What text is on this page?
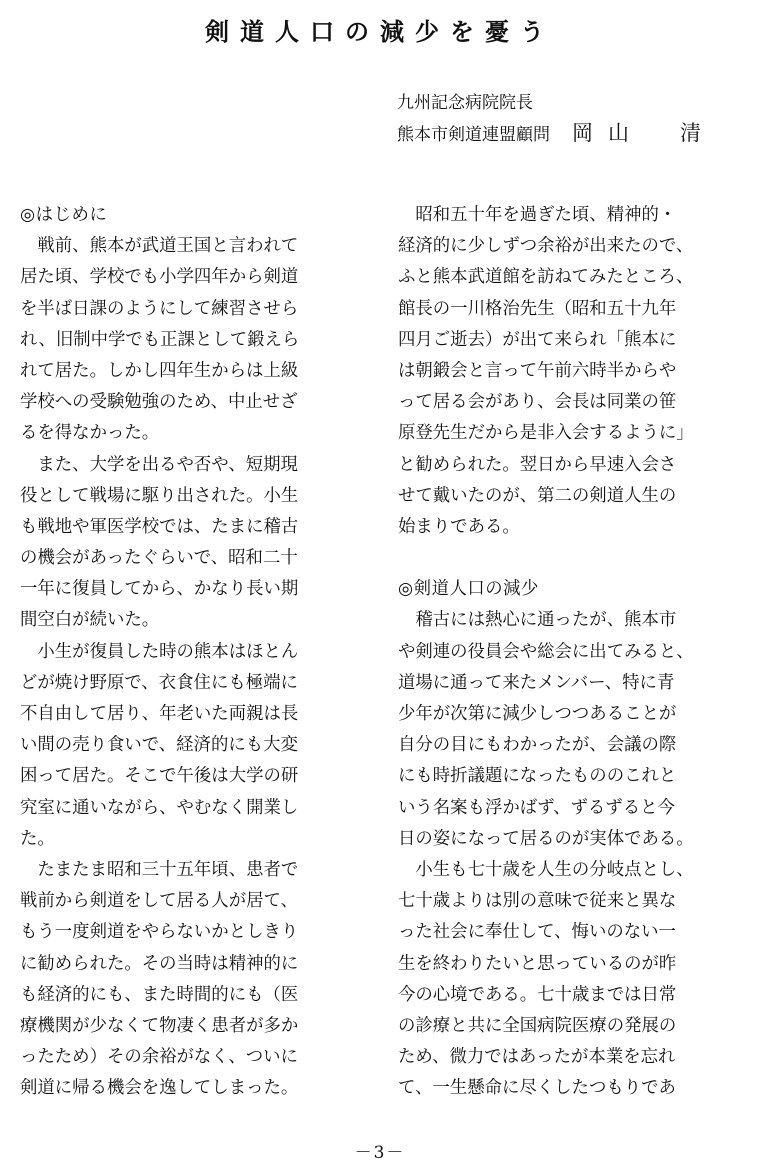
剣道人口の減少を憂う
九州記念病院院長
熊本市剣道連盟顧問 岡山　清
◎はじめに
　戦前、熊本が武道王国と言われて
居た頃、学校でも小学四年から剣道
を半ば日課のようにして練習させら
れ、旧制中学でも正課として鍛えら
れて居た。しかし四年生からは上級
学校への受験勉強のため、中止せざ
るを得なかった。
　また、大学を出るや否や、短期現
役として戦場に駆り出された。小生
も戦地や軍医学校では、たまに稽古
の機会があったぐらいで、昭和二十
一年に復員してから、かなり長い期
間空白が続いた。
　小生が復員した時の熊本はほとん
どが焼け野原で、衣食住にも極端に
不自由して居り、年老いた両親は長
い間の売り食いで、経済的にも大変
困って居た。そこで午後は大学の研
究室に通いながら、やむなく開業し
た。
　たまたま昭和三十五年頃、患者で
戦前から剣道をして居る人が居て、
もう一度剣道をやらないかとしきり
に勧められた。その当時は精神的に
も経済的にも、また時間的にも（医
療機関が少なくて物凄く患者が多か
ったため）その余裕がなく、ついに
剣道に帰る機会を逸してしまった。
　昭和五十年を過ぎた頃、精神的・
経済的に少しずつ余裕が出来たので、
ふと熊本武道館を訪ねてみたところ、
館長の一川格治先生（昭和五十九年
四月ご逝去）が出て来られ「熊本に
は朝鍛会と言って午前六時半からや
って居る会があり、会長は同業の笹
原登先生だから是非入会するように」
と勧められた。翌日から早速入会さ
せて戴いたのが、第二の剣道人生の
始まりである。
◎剣道人口の減少
　稽古には熱心に通ったが、熊本市
や剣連の役員会や総会に出てみると、
道場に通って来たメンバー、特に青
少年が次第に減少しつつあることが
自分の目にもわかったが、会議の際
にも時折議題になったもののこれと
いう名案も浮かばず、ずるずると今
日の姿になって居るのが実体である。
　小生も七十歳を人生の分岐点とし、
七十歳よりは別の意味で従来と異な
った社会に奉仕して、悔いのない一
生を終わりたいと思っているのが昨
今の心境である。七十歳までは日常
の診療と共に全国病院医療の発展の
ため、微力ではあったが本業を忘れ
て、一生懸命に尽くしたつもりであ
－3－
